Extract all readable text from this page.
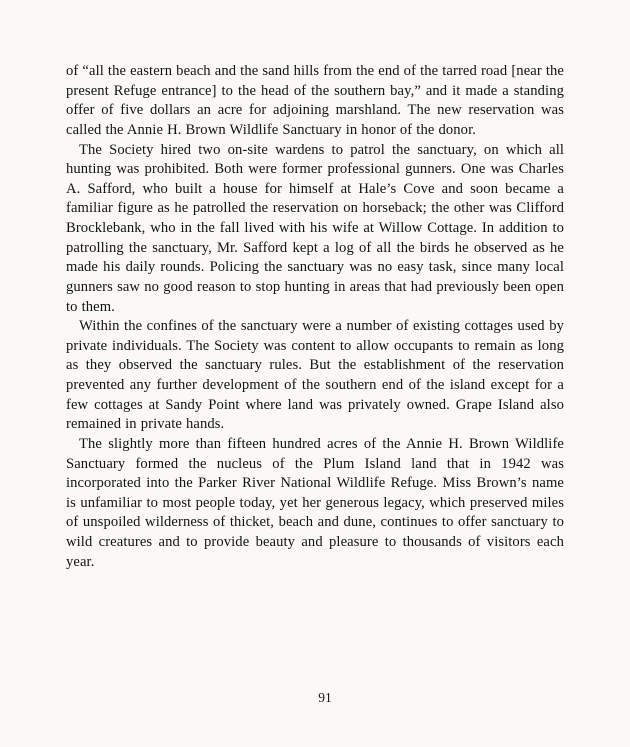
of “all the eastern beach and the sand hills from the end of the tarred road [near the present Refuge entrance] to the head of the southern bay,” and it made a standing offer of five dollars an acre for adjoining marshland. The new reservation was called the Annie H. Brown Wildlife Sanctuary in honor of the donor.

The Society hired two on-site wardens to patrol the sanctuary, on which all hunting was prohibited. Both were former professional gunners. One was Charles A. Safford, who built a house for himself at Hale’s Cove and soon became a familiar figure as he patrolled the reservation on horseback; the other was Clifford Brocklebank, who in the fall lived with his wife at Willow Cottage. In addition to patrolling the sanctuary, Mr. Safford kept a log of all the birds he observed as he made his daily rounds. Policing the sanctuary was no easy task, since many local gunners saw no good reason to stop hunting in areas that had previously been open to them.

Within the confines of the sanctuary were a number of existing cottages used by private individuals. The Society was content to allow occupants to remain as long as they observed the sanctuary rules. But the establishment of the reservation prevented any further development of the southern end of the island except for a few cottages at Sandy Point where land was privately owned. Grape Island also remained in private hands.

The slightly more than fifteen hundred acres of the Annie H. Brown Wildlife Sanctuary formed the nucleus of the Plum Island land that in 1942 was incorporated into the Parker River National Wildlife Refuge. Miss Brown’s name is unfamiliar to most people today, yet her generous legacy, which preserved miles of unspoiled wilderness of thicket, beach and dune, continues to offer sanctuary to wild creatures and to provide beauty and pleasure to thousands of visitors each year.

91
